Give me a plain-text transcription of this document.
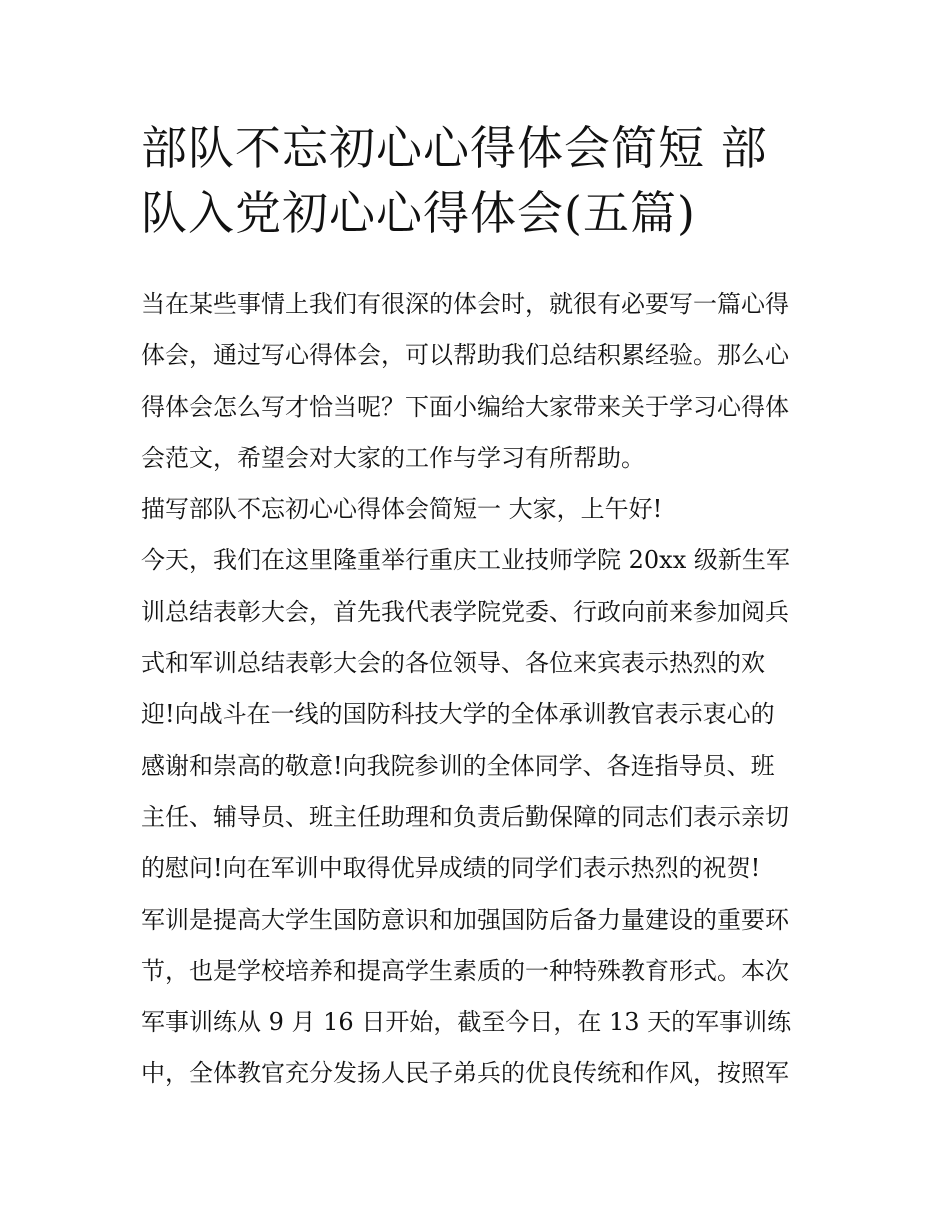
部队不忘初心心得体会简短 部
队入党初心心得体会(五篇)
当在某些事情上我们有很深的体会时，就很有必要写一篇心得
体会，通过写心得体会，可以帮助我们总结积累经验。那么心
得体会怎么写才恰当呢？下面小编给大家带来关于学习心得体
会范文，希望会对大家的工作与学习有所帮助。
描写部队不忘初心心得体会简短一 大家，上午好!
今天，我们在这里隆重举行重庆工业技师学院 20xx 级新生军
训总结表彰大会，首先我代表学院党委、行政向前来参加阅兵
式和军训总结表彰大会的各位领导、各位来宾表示热烈的欢
迎!向战斗在一线的国防科技大学的全体承训教官表示衷心的
感谢和崇高的敬意!向我院参训的全体同学、各连指导员、班
主任、辅导员、班主任助理和负责后勤保障的同志们表示亲切
的慰问!向在军训中取得优异成绩的同学们表示热烈的祝贺!
军训是提高大学生国防意识和加强国防后备力量建设的重要环
节，也是学校培养和提高学生素质的一种特殊教育形式。本次
军事训练从 9 月 16 日开始，截至今日，在 13 天的军事训练
中，全体教官充分发扬人民子弟兵的优良传统和作风，按照军
